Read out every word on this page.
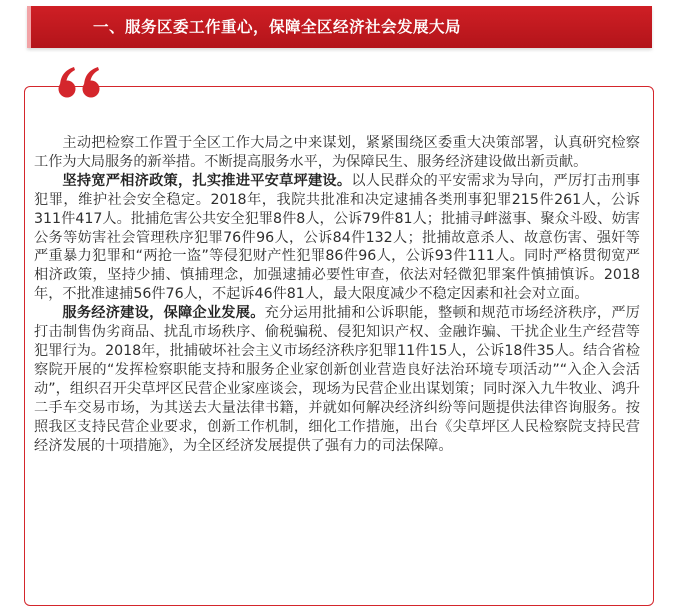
一、服务区委工作重心，保障全区经济社会发展大局

主动把检察工作置于全区工作大局之中来谋划，紧紧围绕区委重大决策部署，认真研究检察工作为大局服务的新举措。不断提高服务水平，为保障民生、服务经济建设做出新贡献。

坚持宽严相济政策，扎实推进平安草坪建设。以人民群众的平安需求为导向，严厉打击刑事犯罪，维护社会安全稳定。2018年，我院共批准和决定逮捕各类刑事犯罪215件261人，公诉311件417人。批捕危害公共安全犯罪8件8人，公诉79件81人；批捕寻衅滋事、聚众斗殴、妨害公务等妨害社会管理秩序犯罪76件96人，公诉84件132人；批捕故意杀人、故意伤害、强奸等严重暴力犯罪和“两抢一盗”等侵犯财产性犯罪86件96人，公诉93件111人。同时严格贯彻宽严相济政策，坚持少捕、慎捕理念，加强逮捕必要性审查，依法对轻微犯罪案件慎捕慎诉。2018年，不批准逮捕56件76人，不起诉46件81人，最大限度减少不稳定因素和社会对立面。

服务经济建设，保障企业发展。充分运用批捕和公诉职能，整顿和规范市场经济秩序，严厉打击制售伪劣商品、扰乱市场秩序、偷税骗税、侵犯知识产权、金融诈骗、干扰企业生产经营等犯罪行为。2018年，批捕破坏社会主义市场经济秩序犯罪11件15人，公诉18件35人。结合省检察院开展的“发挥检察职能支持和服务企业家创新创业营造良好法治环境专项活动”“入企入会活动”，组织召开尖草坪区民营企业家座谈会，现场为民营企业出谋划策；同时深入九牛牧业、鸿升二手车交易市场，为其送去大量法律书籍，并就如何解决经济纠纷等问题提供法律咨询服务。按照我区支持民营企业要求，创新工作机制，细化工作措施，出台《尖草坪区人民检察院支持民营经济发展的十项措施》，为全区经济发展提供了强有力的司法保障。
